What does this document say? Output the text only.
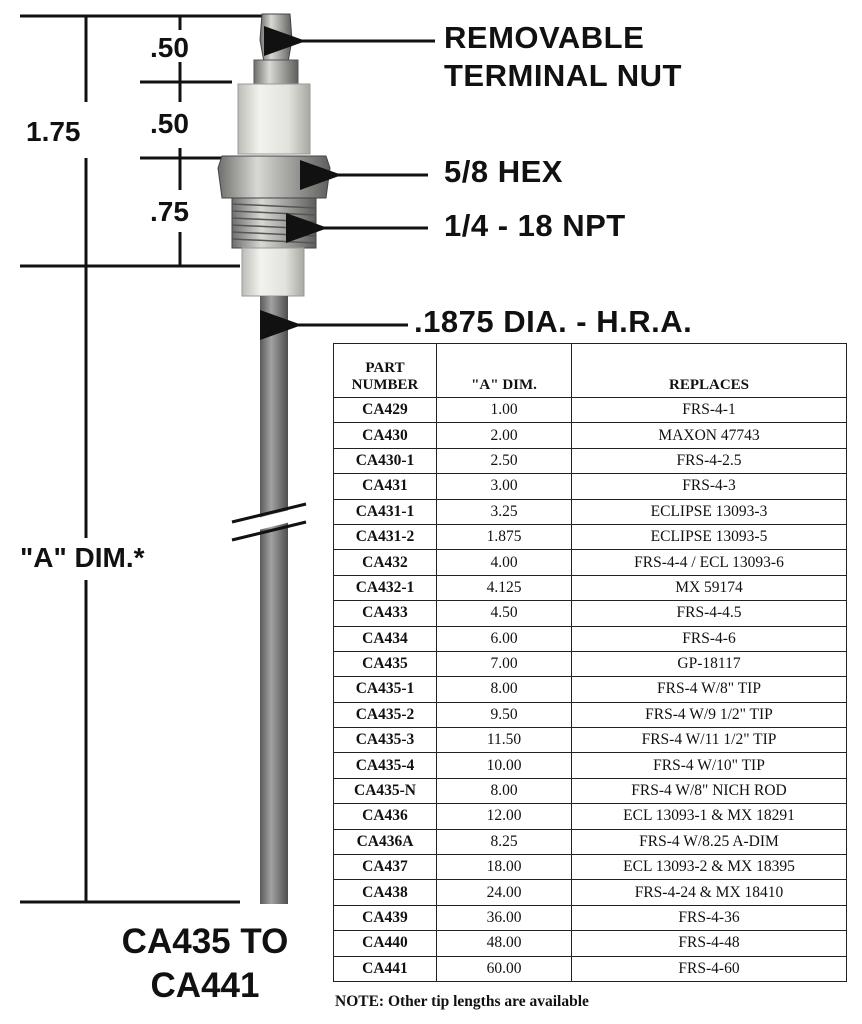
REMOVABLE
TERMINAL NUT
5/8 HEX
1/4 - 18 NPT
.1875 DIA. - H.R.A.
1.75
.50
.50
.75
"A" DIM.*
CA435 TO
CA441
PART
NUMBER	"A" DIM.	REPLACES
CA429	1.00	FRS-4-1
CA430	2.00	MAXON 47743
CA430-1	2.50	FRS-4-2.5
CA431	3.00	FRS-4-3
CA431-1	3.25	ECLIPSE 13093-3
CA431-2	1.875	ECLIPSE 13093-5
CA432	4.00	FRS-4-4 / ECL 13093-6
CA432-1	4.125	MX 59174
CA433	4.50	FRS-4-4.5
CA434	6.00	FRS-4-6
CA435	7.00	GP-18117
CA435-1	8.00	FRS-4 W/8" TIP
CA435-2	9.50	FRS-4 W/9 1/2" TIP
CA435-3	11.50	FRS-4 W/11 1/2" TIP
CA435-4	10.00	FRS-4 W/10" TIP
CA435-N	8.00	FRS-4 W/8" NICH ROD
CA436	12.00	ECL 13093-1 & MX 18291
CA436A	8.25	FRS-4 W/8.25 A-DIM
CA437	18.00	ECL 13093-2 & MX 18395
CA438	24.00	FRS-4-24 & MX 18410
CA439	36.00	FRS-4-36
CA440	48.00	FRS-4-48
CA441	60.00	FRS-4-60
NOTE: Other tip lengths are available
